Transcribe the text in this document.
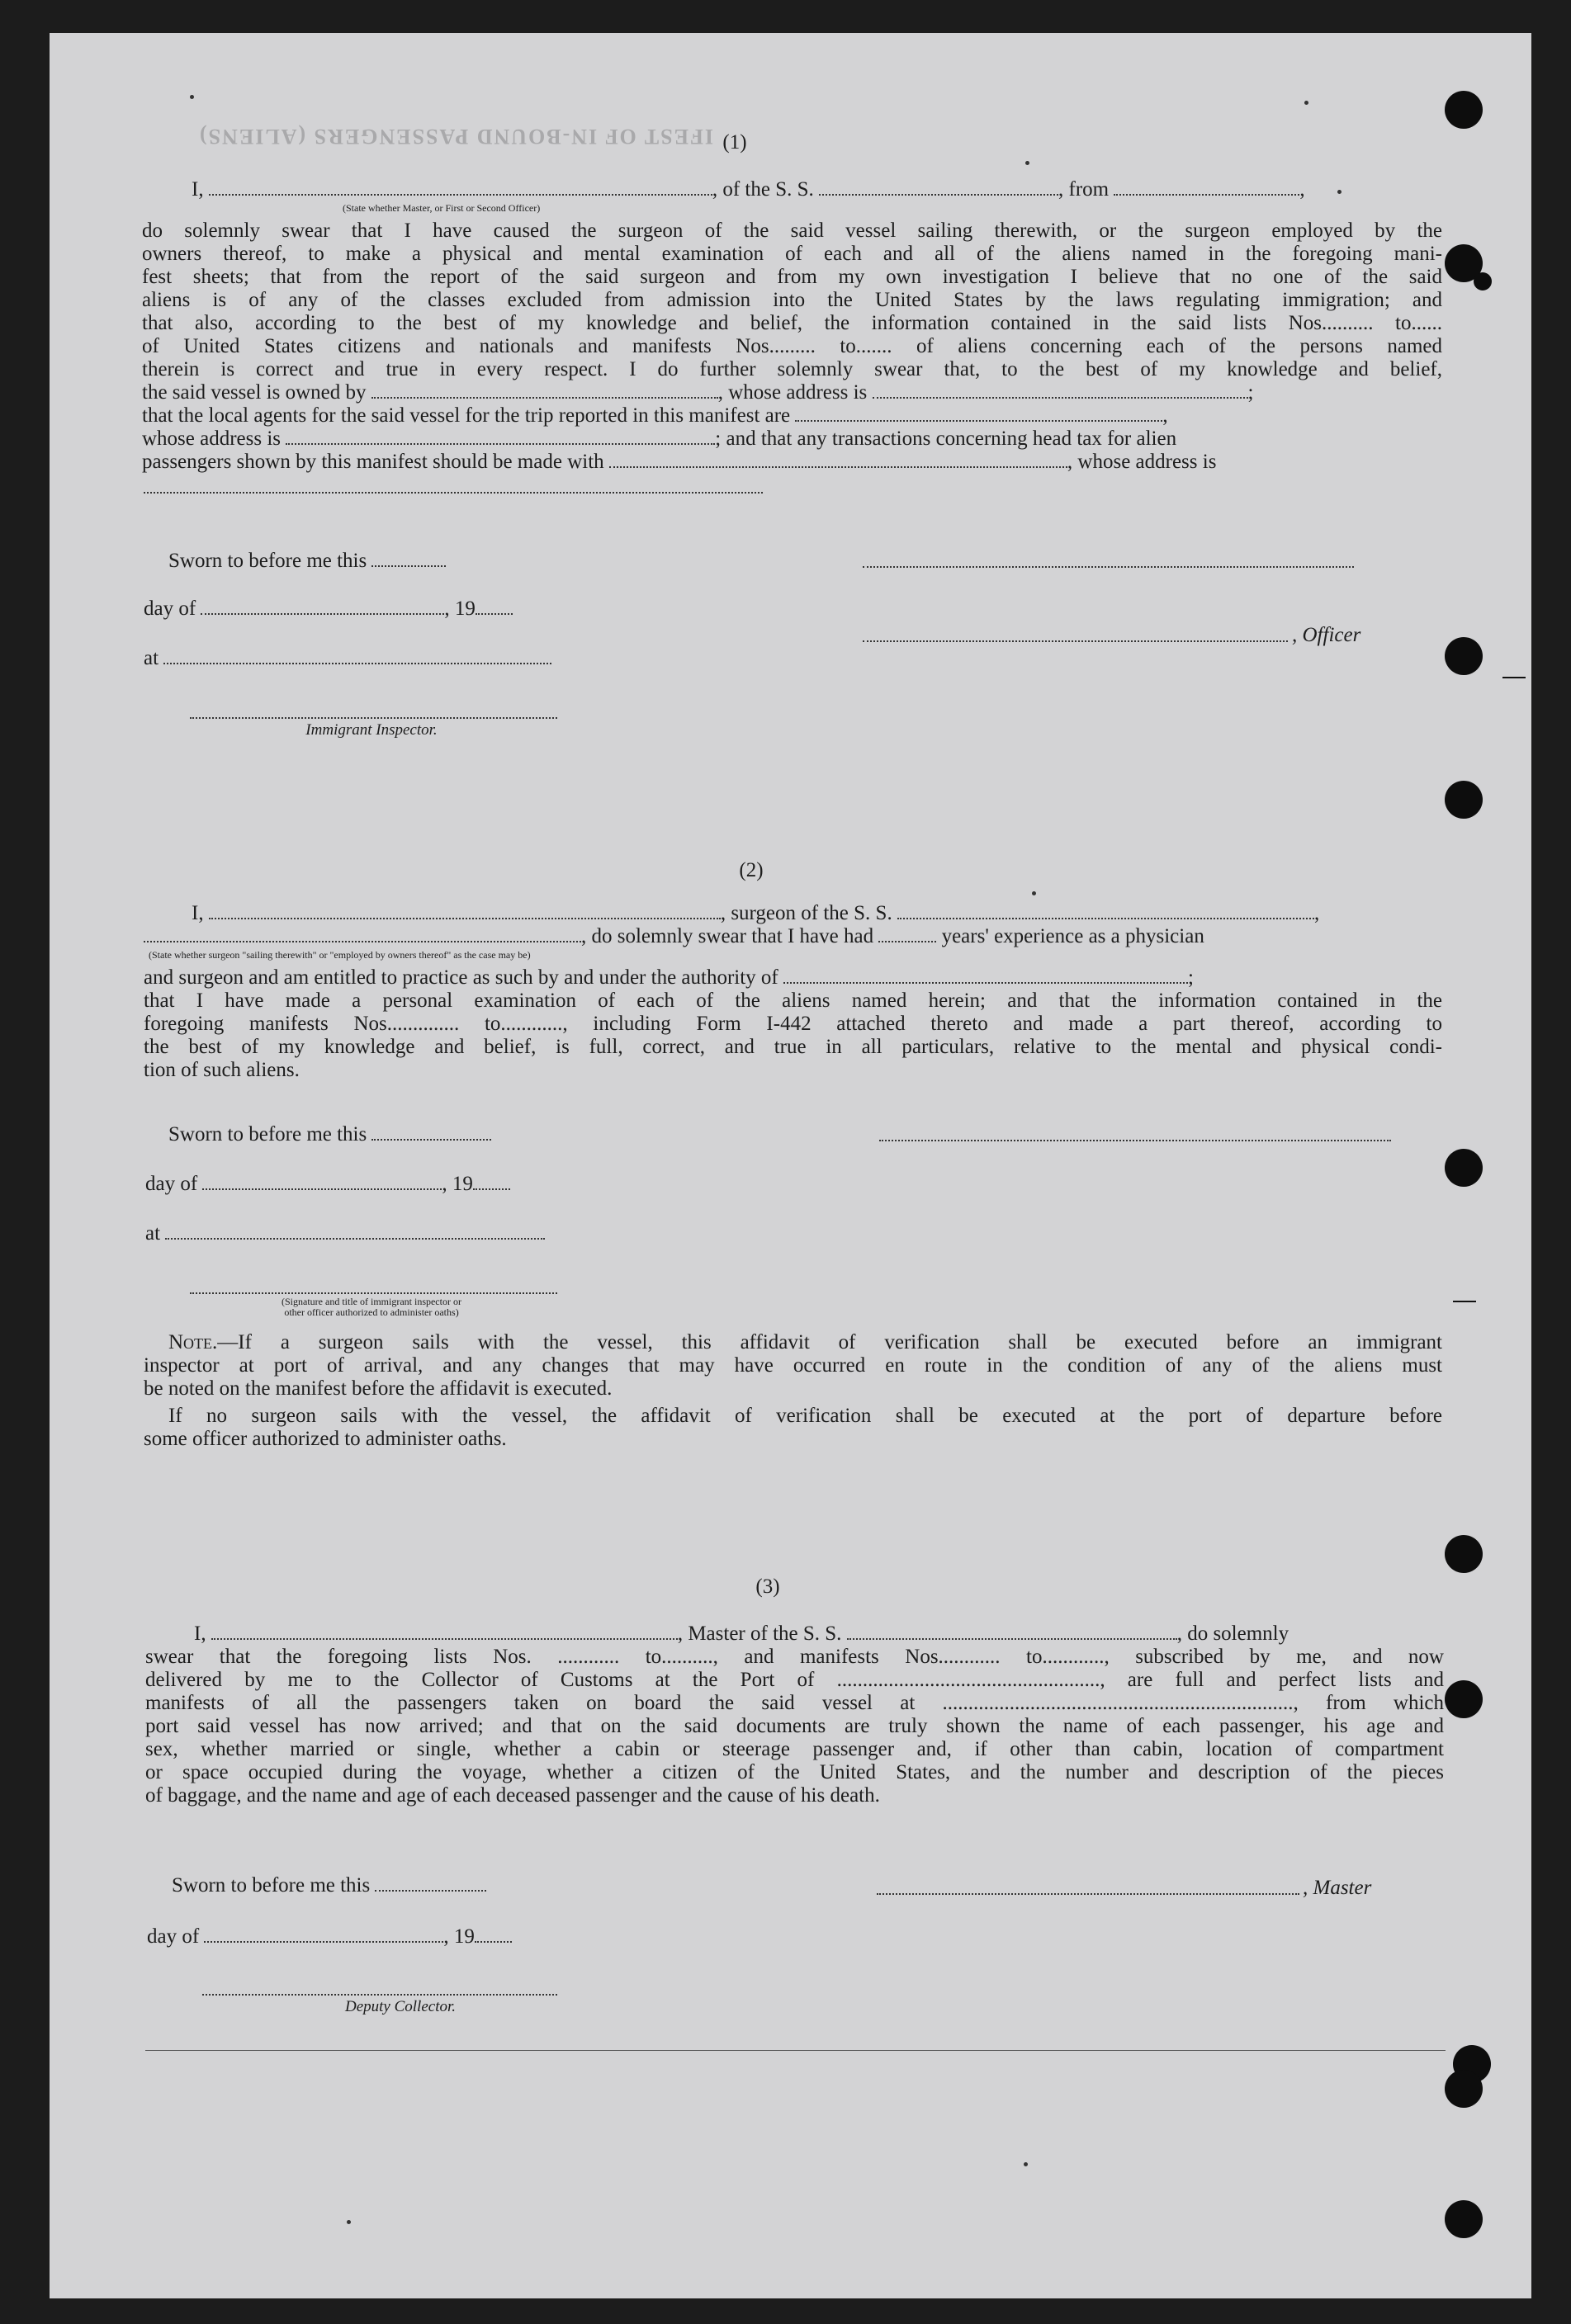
IFEST OF IN-BOUND PASSENGERS (ALIENS) (1)
I,	, of the S. S.	, from	,
(State whether Master, or First or Second Officer)
do solemnly swear that I have caused the surgeon of the said vessel sailing therewith, or the surgeon employed by the
owners thereof, to make a physical and mental examination of each and all of the aliens named in the foregoing mani-
fest sheets; that from the report of the said surgeon and from my own investigation I believe that no one of the said
aliens is of any of the classes excluded from admission into the United States by the laws regulating immigration; and
that also, according to the best of my knowledge and belief, the information contained in the said lists Nos.......... to......
of United States citizens and nationals and manifests Nos......... to....... of aliens concerning each of the persons named
therein is correct and true in every respect. I do further solemnly swear that, to the best of my knowledge and belief,
the said vessel is owned by	, whose address is	;
that the local agents for the said vessel for the trip reported in this manifest are	,
whose address is	; and that any transactions concerning head tax for alien
passengers shown by this manifest should be made with	, whose address is
Sworn to before me this
day of	, 19
, Officer
at
Immigrant Inspector.
(2)
I,	, surgeon of the S. S.	,
, do solemnly swear that I have had	years' experience as a physician
(State whether surgeon "sailing therewith" or "employed by owners thereof" as the case may be)
and surgeon and am entitled to practice as such by and under the authority of	;
that I have made a personal examination of each of the aliens named herein; and that the information contained in the
foregoing manifests Nos.............. to............, including Form I-442 attached thereto and made a part thereof, according to
the best of my knowledge and belief, is full, correct, and true in all particulars, relative to the mental and physical condi-
tion of such aliens.
Sworn to before me this
day of	, 19
at
(Signature and title of immigrant inspector or
other officer authorized to administer oaths)
Note.—If a surgeon sails with the vessel, this affidavit of verification shall be executed before an immigrant
inspector at port of arrival, and any changes that may have occurred en route in the condition of any of the aliens must
be noted on the manifest before the affidavit is executed.
If no surgeon sails with the vessel, the affidavit of verification shall be executed at the port of departure before
some officer authorized to administer oaths.
(3)
I,	, Master of the S. S.	, do solemnly
swear that the foregoing lists Nos. ............ to.........., and manifests Nos............ to............, subscribed by me, and now
delivered by me to the Collector of Customs at the Port of ..................................................., are full and perfect lists and
manifests of all the passengers taken on board the said vessel at ...................................................................., from which
port said vessel has now arrived; and that on the said documents are truly shown the name of each passenger, his age and
sex, whether married or single, whether a cabin or steerage passenger and, if other than cabin, location of compartment
or space occupied during the voyage, whether a citizen of the United States, and the number and description of the pieces
of baggage, and the name and age of each deceased passenger and the cause of his death.
Sworn to before me this	, Master
day of	, 19
Deputy Collector.
